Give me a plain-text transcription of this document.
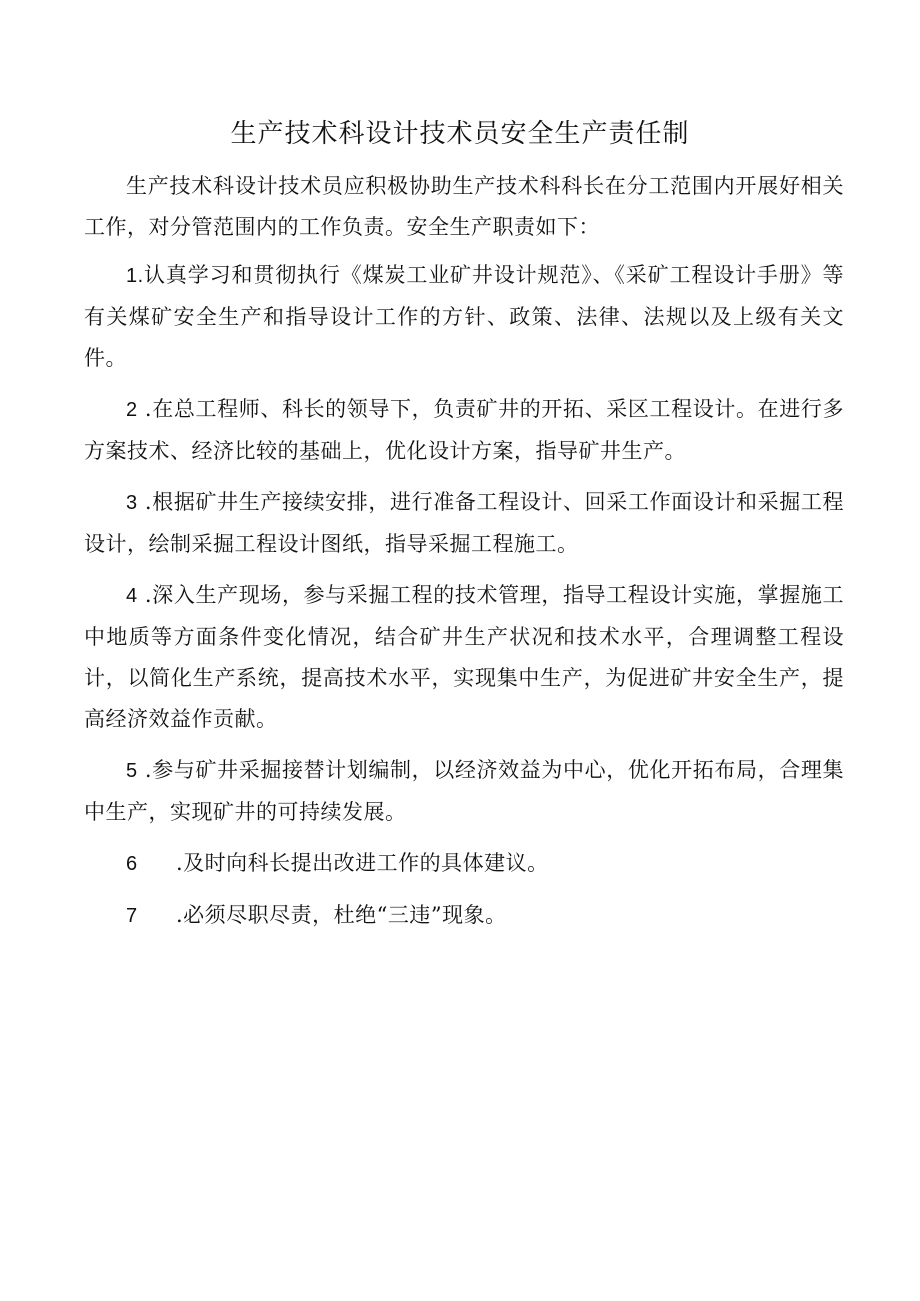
生产技术科设计技术员安全生产责任制

生产技术科设计技术员应积极协助生产技术科科长在分工范围内开展好相关工作，对分管范围内的工作负责。安全生产职责如下：

1.认真学习和贯彻执行《煤炭工业矿井设计规范》、《采矿工程设计手册》等有关煤矿安全生产和指导设计工作的方针、政策、法律、法规以及上级有关文件。

2 .在总工程师、科长的领导下，负责矿井的开拓、采区工程设计。在进行多方案技术、经济比较的基础上，优化设计方案，指导矿井生产。

3 .根据矿井生产接续安排，进行准备工程设计、回采工作面设计和采掘工程设计，绘制采掘工程设计图纸，指导采掘工程施工。

4 .深入生产现场，参与采掘工程的技术管理，指导工程设计实施，掌握施工中地质等方面条件变化情况，结合矿井生产状况和技术水平，合理调整工程设计，以简化生产系统，提高技术水平，实现集中生产，为促进矿井安全生产，提高经济效益作贡献。

5 .参与矿井采掘接替计划编制，以经济效益为中心，优化开拓布局，合理集中生产，实现矿井的可持续发展。

6 .及时向科长提出改进工作的具体建议。

7 .必须尽职尽责，杜绝“三违”现象。
